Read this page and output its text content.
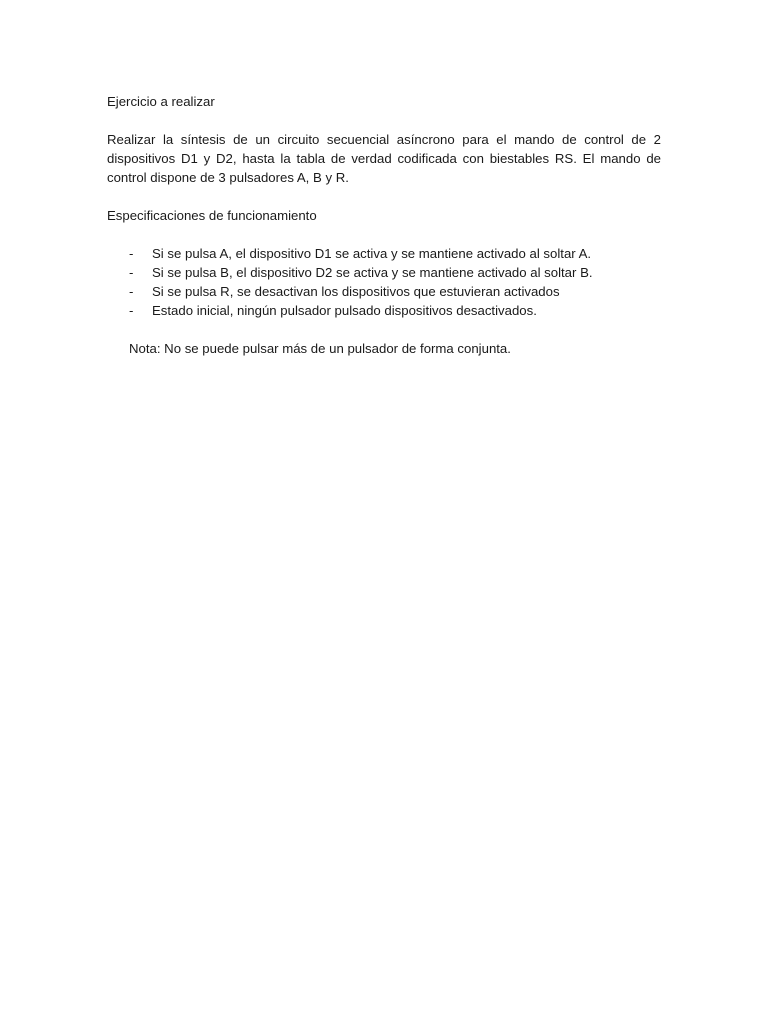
Ejercicio a realizar

Realizar la síntesis de un circuito secuencial asíncrono para el mando de control de 2 dispositivos D1 y D2, hasta la tabla de verdad codificada con biestables RS. El mando de control dispone de 3 pulsadores A, B y R.

Especificaciones de funcionamiento

- Si se pulsa A, el dispositivo D1 se activa y se mantiene activado al soltar A.
- Si se pulsa B, el dispositivo D2 se activa y se mantiene activado al soltar B.
- Si se pulsa R, se desactivan los dispositivos que estuvieran activados
- Estado inicial, ningún pulsador pulsado dispositivos desactivados.

Nota: No se puede pulsar más de un pulsador de forma conjunta.
